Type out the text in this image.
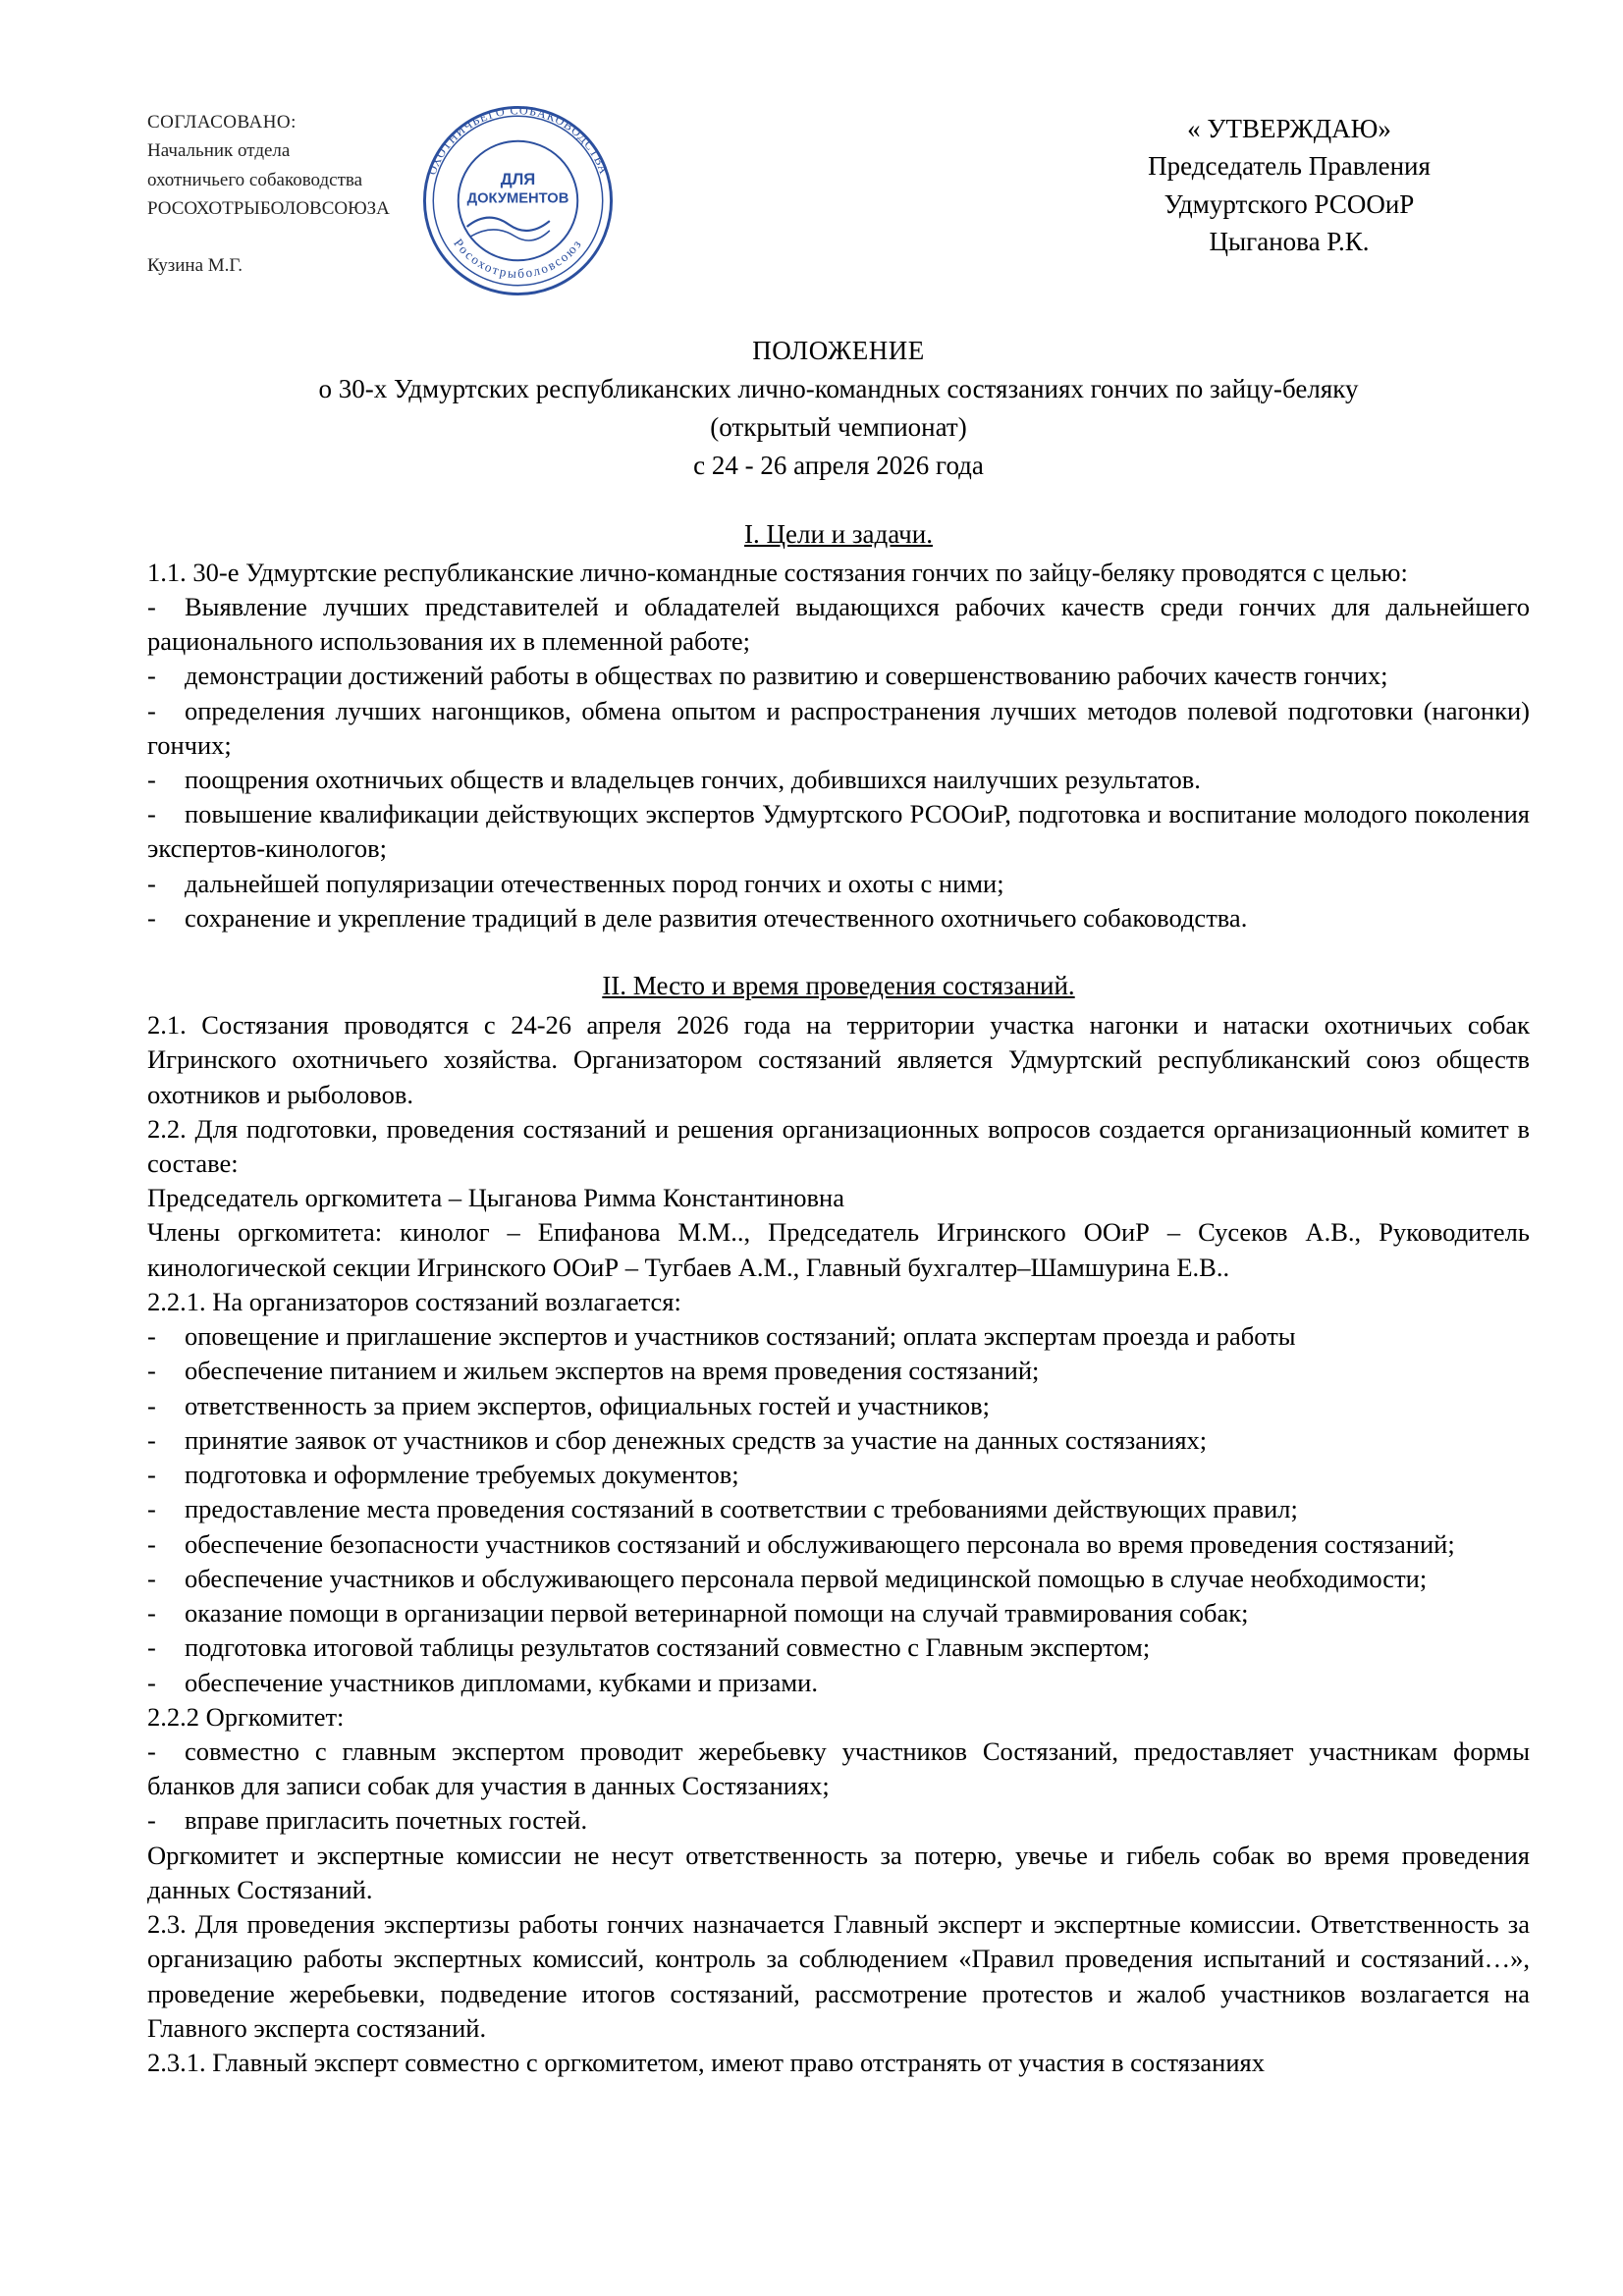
СОГЛАСОВАНО:
Начальник отдела
охотничьего собаководства
РОСОХОТРЫБОЛОВСОЮЗА
Кузина М.Г.
ОХОТНИЧЬЕГО СОБАКОВОДСТВА
Росохотрыболовсоюз
ДЛЯ
ДОКУМЕНТОВ
« УТВЕРЖДАЮ»
Председатель Правления
Удмуртского РСООиР
Цыганова Р.К.
ПОЛОЖЕНИЕ
о 30-х Удмуртских республиканских лично-командных состязаниях гончих по зайцу-беляку
(открытый чемпионат)
с 24 - 26 апреля 2026 года
I. Цели и задачи.

1.1. 30-е Удмуртские республиканские лично-командные состязания гончих по зайцу-беляку проводятся с целью:

- Выявление лучших представителей и обладателей выдающихся рабочих качеств среди гончих для дальнейшего рационального использования их в племенной работе;

- демонстрации достижений работы в обществах по развитию и совершенствованию рабочих качеств гончих;

- определения лучших нагонщиков, обмена опытом и распространения лучших методов полевой подготовки (нагонки) гончих;

- поощрения охотничьих обществ и владельцев гончих, добившихся наилучших результатов.

- повышение квалификации действующих экспертов Удмуртского РСООиР, подготовка и воспитание молодого поколения экспертов-кинологов;

- дальнейшей популяризации отечественных пород гончих и охоты с ними;

- сохранение и укрепление традиций в деле развития отечественного охотничьего собаководства.

II. Место и время проведения состязаний.

2.1. Состязания проводятся с 24-26 апреля 2026 года на территории участка нагонки и натаски охотничьих собак Игринского охотничьего хозяйства. Организатором состязаний является Удмуртский республиканский союз обществ охотников и рыболовов.

2.2. Для подготовки, проведения состязаний и решения организационных вопросов создается организационный комитет в составе:

Председатель оргкомитета – Цыганова Римма Константиновна

Члены оргкомитета: кинолог – Епифанова М.М.., Председатель Игринского ООиР – Сусеков А.В., Руководитель кинологической секции Игринского ООиР – Тугбаев А.М., Главный бухгалтер–Шамшурина Е.В..

2.2.1. На организаторов состязаний возлагается:

- оповещение и приглашение экспертов и участников состязаний; оплата экспертам проезда и работы

- обеспечение питанием и жильем экспертов на время проведения состязаний;

- ответственность за прием экспертов, официальных гостей и участников;

- принятие заявок от участников и сбор денежных средств за участие на данных состязаниях;

- подготовка и оформление требуемых документов;

- предоставление места проведения состязаний в соответствии с требованиями действующих правил;

- обеспечение безопасности участников состязаний и обслуживающего персонала во время проведения состязаний;

- обеспечение участников и обслуживающего персонала первой медицинской помощью в случае необходимости;

- оказание помощи в организации первой ветеринарной помощи на случай травмирования собак;

- подготовка итоговой таблицы результатов состязаний совместно с Главным экспертом;

- обеспечение участников дипломами, кубками и призами.

2.2.2 Оргкомитет:

- совместно с главным экспертом проводит жеребьевку участников Состязаний, предоставляет участникам формы бланков для записи собак для участия в данных Состязаниях;

- вправе пригласить почетных гостей.

Оргкомитет и экспертные комиссии не несут ответственность за потерю, увечье и гибель собак во время проведения данных Состязаний.

2.3. Для проведения экспертизы работы гончих назначается Главный эксперт и экспертные комиссии. Ответственность за организацию работы экспертных комиссий, контроль за соблюдением «Правил проведения испытаний и состязаний…», проведение жеребьевки, подведение итогов состязаний, рассмотрение протестов и жалоб участников возлагается на Главного эксперта состязаний.

2.3.1. Главный эксперт совместно с оргкомитетом, имеют право отстранять от участия в состязаниях
